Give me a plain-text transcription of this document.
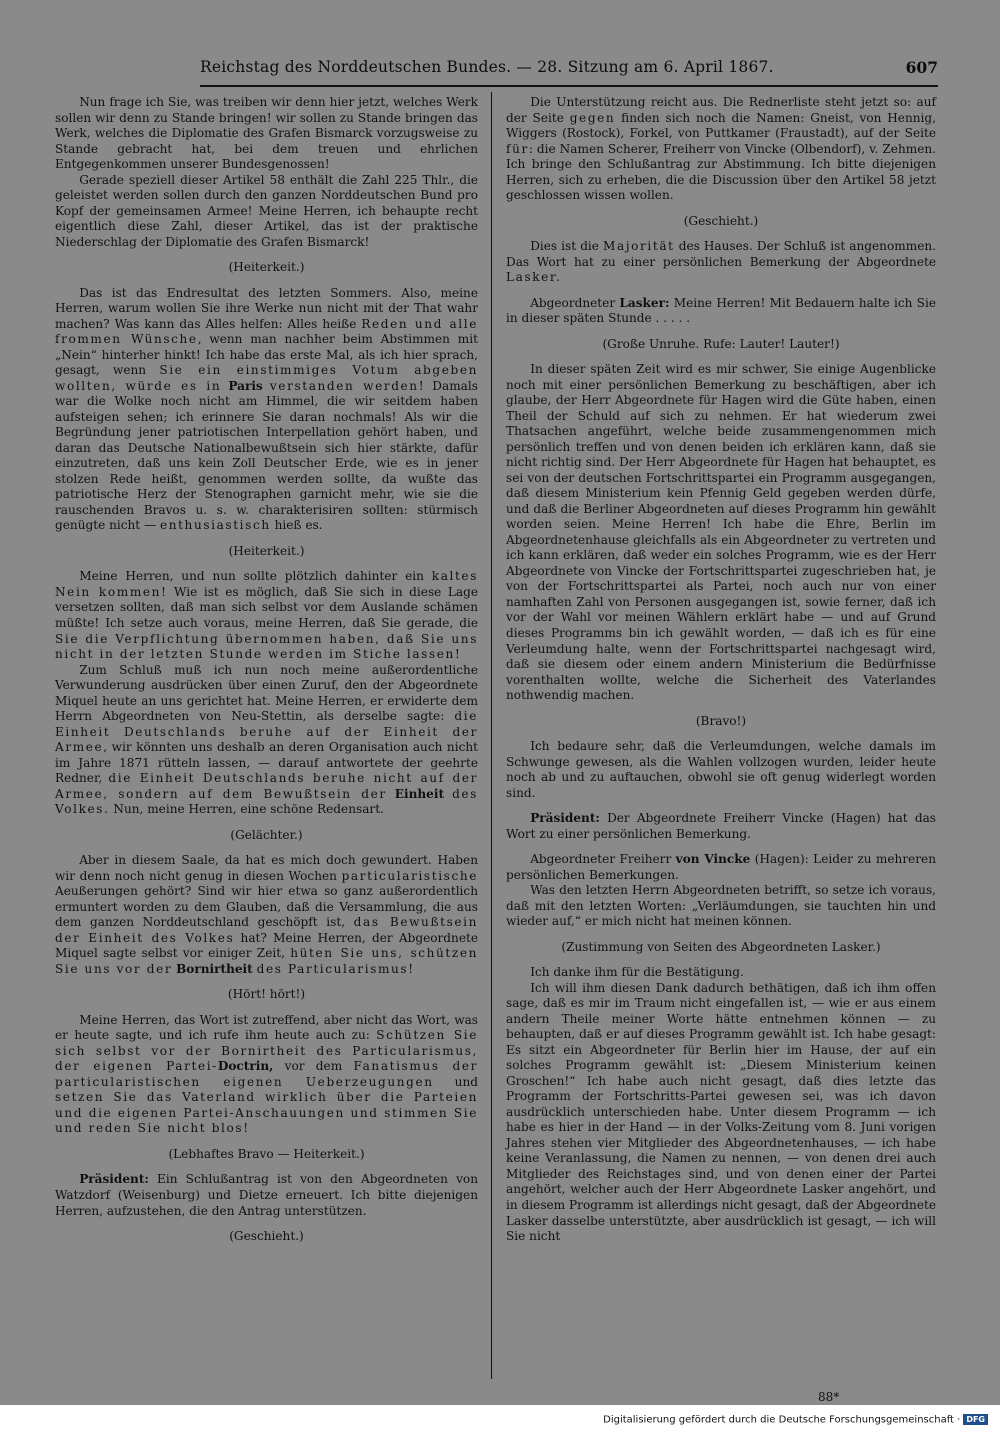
Reichstag des Norddeutschen Bundes. — 28. Sitzung am 6. April 1867.	607

Nun frage ich Sie, was treiben wir denn hier jetzt, welches Werk sollen wir denn zu Stande bringen! wir sollen zu Stande bringen das Werk, welches die Diplomatie des Grafen Bismarck vorzugsweise zu Stande gebracht hat, bei dem treuen und ehrlichen Entgegenkommen unserer Bundesgenossen!

Gerade speziell dieser Artikel 58 enthält die Zahl 225 Thlr., die geleistet werden sollen durch den ganzen Norddeutschen Bund pro Kopf der gemeinsamen Armee! Meine Herren, ich behaupte recht eigentlich diese Zahl, dieser Artikel, das ist der praktische Niederschlag der Diplomatie des Grafen Bismarck!

(Heiterkeit.)

Das ist das Endresultat des letzten Sommers. Also, meine Herren, warum wollen Sie ihre Werke nun nicht mit der That wahr machen? Was kann das Alles helfen: Alles heiße Reden und alle frommen Wünsche, wenn man nachher beim Abstimmen mit „Nein“ hinterher hinkt! Ich habe das erste Mal, als ich hier sprach, gesagt, wenn Sie ein einstimmiges Votum abgeben wollten, würde es in Paris verstanden werden! Damals war die Wolke noch nicht am Himmel, die wir seitdem haben aufsteigen sehen; ich erinnere Sie daran nochmals! Als wir die Begründung jener patriotischen Interpellation gehört haben, und daran das Deutsche Nationalbewußtsein sich hier stärkte, dafür einzutreten, daß uns kein Zoll Deutscher Erde, wie es in jener stolzen Rede heißt, genommen werden sollte, da wußte das patriotische Herz der Stenographen garnicht mehr, wie sie die rauschenden Bravos u. s. w. charakterisiren sollten: stürmisch genügte nicht — enthusiastisch hieß es.

(Heiterkeit.)

Meine Herren, und nun sollte plötzlich dahinter ein kaltes Nein kommen! Wie ist es möglich, daß Sie sich in diese Lage versetzen sollten, daß man sich selbst vor dem Auslande schämen müßte! Ich setze auch voraus, meine Herren, daß Sie gerade, die Sie die Verpflichtung übernommen haben, daß Sie uns nicht in der letzten Stunde werden im Stiche lassen!

Zum Schluß muß ich nun noch meine außerordentliche Verwunderung ausdrücken über einen Zuruf, den der Abgeordnete Miquel heute an uns gerichtet hat. Meine Herren, er erwiderte dem Herrn Abgeordneten von Neu-Stettin, als derselbe sagte: die Einheit Deutschlands beruhe auf der Einheit der Armee, wir könnten uns deshalb an deren Organisation auch nicht im Jahre 1871 rütteln lassen, — darauf antwortete der geehrte Redner, die Einheit Deutschlands beruhe nicht auf der Armee, sondern auf dem Bewußtsein der Einheit des Volkes. Nun, meine Herren, eine schöne Redensart.

(Gelächter.)

Aber in diesem Saale, da hat es mich doch gewundert. Haben wir denn noch nicht genug in diesen Wochen particularistische Aeußerungen gehört? Sind wir hier etwa so ganz außerordentlich ermuntert worden zu dem Glauben, daß die Versammlung, die aus dem ganzen Norddeutschland geschöpft ist, das Bewußtsein der Einheit des Volkes hat? Meine Herren, der Abgeordnete Miquel sagte selbst vor einiger Zeit, hüten Sie uns, schützen Sie uns vor der Bornirtheit des Particularismus!

(Hört! hört!)

Meine Herren, das Wort ist zutreffend, aber nicht das Wort, was er heute sagte, und ich rufe ihm heute auch zu: Schützen Sie sich selbst vor der Bornirtheit des Particularismus, der eigenen Partei-Doctrin, vor dem Fanatismus der particularistischen eigenen Ueberzeugungen und setzen Sie das Vaterland wirklich über die Parteien und die eigenen Partei-Anschauungen und stimmen Sie und reden Sie nicht blos!

(Lebhaftes Bravo — Heiterkeit.)

Präsident: Ein Schlußantrag ist von den Abgeordneten von Watzdorf (Weisenburg) und Dietze erneuert. Ich bitte diejenigen Herren, aufzustehen, die den Antrag unterstützen.

(Geschieht.)

Die Unterstützung reicht aus. Die Rednerliste steht jetzt so: auf der Seite gegen finden sich noch die Namen: Gneist, von Hennig, Wiggers (Rostock), Forkel, von Puttkamer (Fraustadt), auf der Seite für: die Namen Scherer, Freiherr von Vincke (Olbendorf), v. Zehmen. Ich bringe den Schlußantrag zur Abstimmung. Ich bitte diejenigen Herren, sich zu erheben, die die Discussion über den Artikel 58 jetzt geschlossen wissen wollen.

(Geschieht.)

Dies ist die Majorität des Hauses. Der Schluß ist angenommen. Das Wort hat zu einer persönlichen Bemerkung der Abgeordnete Lasker.

Abgeordneter Lasker: Meine Herren! Mit Bedauern halte ich Sie in dieser späten Stunde . . . . .

(Große Unruhe. Rufe: Lauter! Lauter!)

In dieser späten Zeit wird es mir schwer, Sie einige Augenblicke noch mit einer persönlichen Bemerkung zu beschäftigen, aber ich glaube, der Herr Abgeordnete für Hagen wird die Güte haben, einen Theil der Schuld auf sich zu nehmen. Er hat wiederum zwei Thatsachen angeführt, welche beide zusammengenommen mich persönlich treffen und von denen beiden ich erklären kann, daß sie nicht richtig sind. Der Herr Abgeordnete für Hagen hat behauptet, es sei von der deutschen Fortschrittspartei ein Programm ausgegangen, daß diesem Ministerium kein Pfennig Geld gegeben werden dürfe, und daß die Berliner Abgeordneten auf dieses Programm hin gewählt worden seien. Meine Herren! Ich habe die Ehre, Berlin im Abgeordnetenhause gleichfalls als ein Abgeordneter zu vertreten und ich kann erklären, daß weder ein solches Programm, wie es der Herr Abgeordnete von Vincke der Fortschrittspartei zugeschrieben hat, je von der Fortschrittspartei als Partei, noch auch nur von einer namhaften Zahl von Personen ausgegangen ist, sowie ferner, daß ich vor der Wahl vor meinen Wählern erklärt habe — und auf Grund dieses Programms bin ich gewählt worden, — daß ich es für eine Verleumdung halte, wenn der Fortschrittspartei nachgesagt wird, daß sie diesem oder einem andern Ministerium die Bedürfnisse vorenthalten wollte, welche die Sicherheit des Vaterlandes nothwendig machen.

(Bravo!)

Ich bedaure sehr, daß die Verleumdungen, welche damals im Schwunge gewesen, als die Wahlen vollzogen wurden, leider heute noch ab und zu auftauchen, obwohl sie oft genug widerlegt worden sind.

Präsident: Der Abgeordnete Freiherr Vincke (Hagen) hat das Wort zu einer persönlichen Bemerkung.

Abgeordneter Freiherr von Vincke (Hagen): Leider zu mehreren persönlichen Bemerkungen.

Was den letzten Herrn Abgeordneten betrifft, so setze ich voraus, daß mit den letzten Worten: „Verläumdungen, sie tauchten hin und wieder auf,“ er mich nicht hat meinen können.

(Zustimmung von Seiten des Abgeordneten Lasker.)

Ich danke ihm für die Bestätigung.

Ich will ihm diesen Dank dadurch bethätigen, daß ich ihm offen sage, daß es mir im Traum nicht eingefallen ist, — wie er aus einem andern Theile meiner Worte hätte entnehmen können — zu behaupten, daß er auf dieses Programm gewählt ist. Ich habe gesagt: Es sitzt ein Abgeordneter für Berlin hier im Hause, der auf ein solches Programm gewählt ist: „Diesem Ministerium keinen Groschen!“ Ich habe auch nicht gesagt, daß dies letzte das Programm der Fortschritts-Partei gewesen sei, was ich davon ausdrücklich unterschieden habe. Unter diesem Programm — ich habe es hier in der Hand — in der Volks-Zeitung vom 8. Juni vorigen Jahres stehen vier Mitglieder des Abgeordnetenhauses, — ich habe keine Veranlassung, die Namen zu nennen, — von denen drei auch Mitglieder des Reichstages sind, und von denen einer der Partei angehört, welcher auch der Herr Abgeordnete Lasker angehört, und in diesem Programm ist allerdings nicht gesagt, daß der Abgeordnete Lasker dasselbe unterstützte, aber ausdrücklich ist gesagt, — ich will Sie nicht

88*
Digitalisierung gefördert durch die Deutsche Forschungsgemeinschaft · DFG
